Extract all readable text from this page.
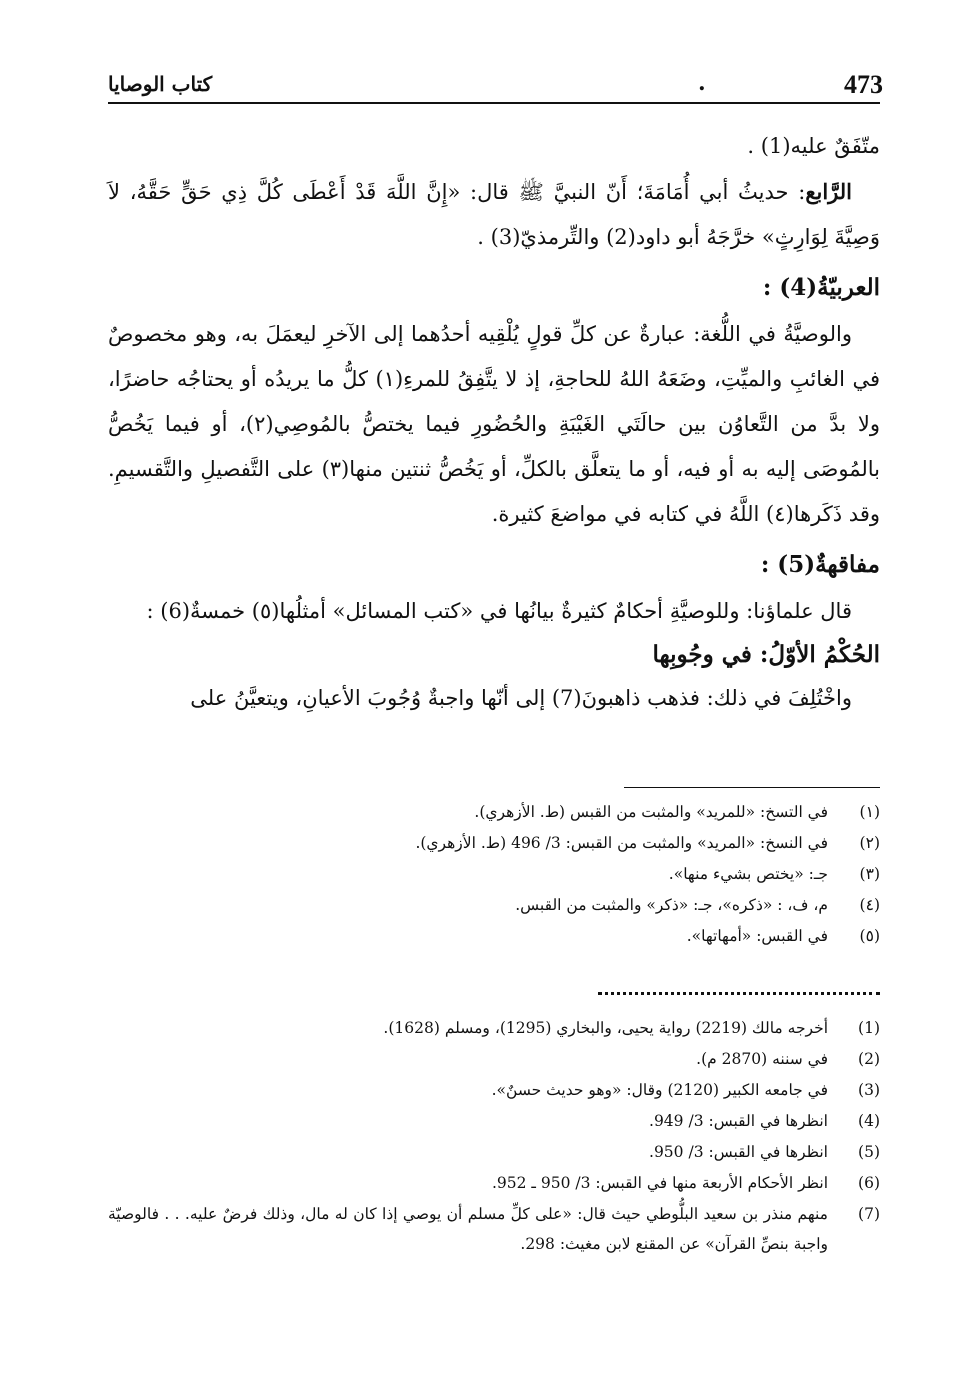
473
.
كتاب الوصايا

متّفَقٌ عليه(1) .

الرَّابع: حديثُ أبي أُمَامَةَ؛ أَنّ النبيَّ ﷺ قال: «إِنَّ اللَّهَ قَدْ أَعْطَى كُلَّ ذِي حَقٍّ حَقَّهُ، لاَ وَصِيَّةَ لِوَارِثٍ» خرَّجَهُ أبو داود(2) والتِّرمذيّ(3) .

العربيّةُ(4) :

والوصيَّةُ في اللُّغة: عبارةٌ عن كلِّ قولٍ يُلْقِيه أحدُهما إلى الآخرِ ليعمَلَ به، وهو مخصوصٌ في الغائبِ والميِّتِ، وضَعَهُ اللهُ للحاجةِ، إذ لا يتَّفِقُ للمرءِ(١) كلُّ ما يريدُه أو يحتاجُه حاضرًا، ولا بدَّ من التَّعاوُن بين حالَتَي الغَيْبَةِ والحُضُورِ فيما يختصُّ بالمُوصِي(٢)، أو فيما يَخُصُّ بالمُوصَى إليه به أو فيه، أو ما يتعلَّق بالكلِّ، أو يَخُصُّ ثنتين منها(٣) على التَّفصيلِ والتَّقسيمِ. وقد ذَكَرها(٤) اللَّهُ في كتابه في مواضعَ كثيرة.

مفاقهةٌ(5) :

قال علماؤنا: وللوصيَّةِ أحكامٌ كثيرةٌ بيانُها في «كتب المسائل» أمثلُها(٥) خمسةٌ(6) :

الحُكْمُ الأوّلُ: في وجُوبِها

واخْتُلِفَ في ذلك: فذهب ذاهبونَ(7) إلى أنّها واجبةٌ وُجُوبَ الأعيانِ، ويتعيَّنُ على

(١)
في التسخ: «للمريد» والمثبت من القبس (ط. الأزهري).
(٢)
في النسخ: «المريد» والمثبت من القبس: 3/ 496 (ط. الأزهري).
(٣)
جـ: «يختص بشيء منها».
(٤)
م، ف، : «ذكره»، جـ: «ذكر» والمثبت من القبس.
(٥)
في القبس: «أمهاتها».
(1)
أخرجه مالك (2219) رواية يحيى، والبخاري (1295)، ومسلم (1628).
(2)
في سننه (2870 م).
(3)
في جامعه الكبير (2120) وقال: «وهو حديث حسنٌ».
(4)
انظرها في القبس: 3/ 949.
(5)
انظرها في القبس: 3/ 950.
(6)
انظر الأحكام الأربعة منها في القبس: 3/ 950 ـ 952.
(7)
منهم منذر بن سعيد البلُّوطي حيث قال: «على كلِّ مسلم أن يوصي إذا كان له مال، وذلك فرضٌ عليه. . . فالوصيّة واجبة بنصِّ القرآن» عن المقنع لابن مغيث: 298.
